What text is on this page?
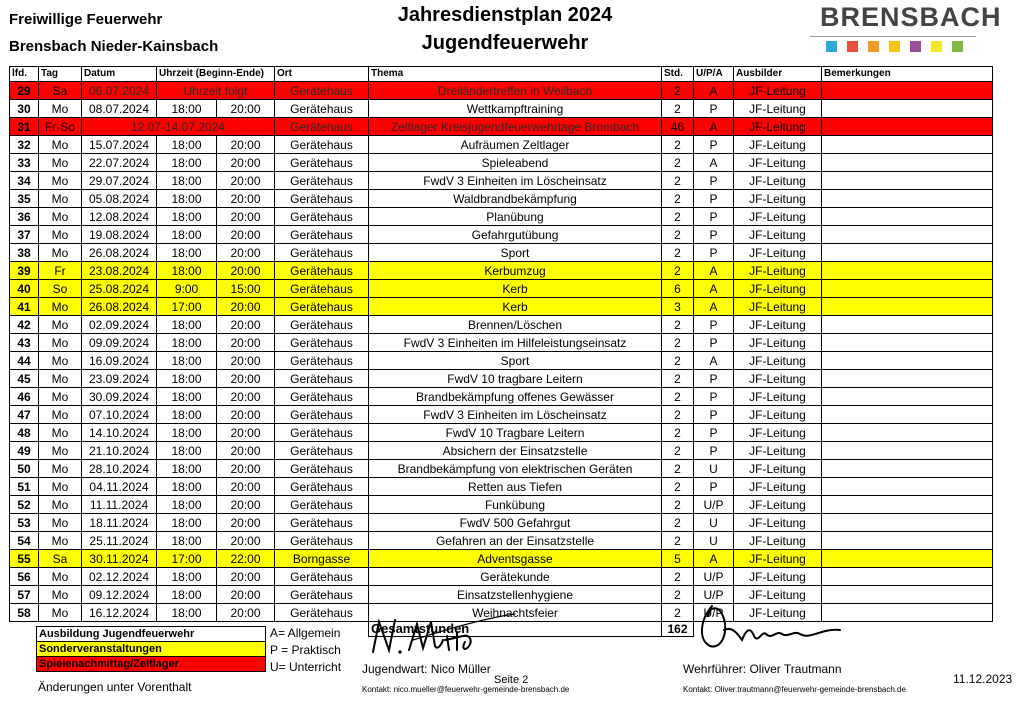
Freiwillige Feuerwehr
Brensbach Nieder-Kainsbach
Jahresdienstplan 2024
Jugendfeuerwehr
BRENSBACH
lfd.	Tag	Datum	Uhrzeit (Beginn-Ende)		Ort	Thema	Std.	U/P/A	Ausbilder	Bemerkungen
29	Sa	06.07.2024	Uhrzeit folgt		Gerätehaus	Dreiländertreffen in Weilbach	2	A	JF-Leitung	
30	Mo	08.07.2024	18:00	20:00	Gerätehaus	Wettkampftraining	2	P	JF-Leitung	
31	Fr-So	12.07-14.07.2024			Gerätehaus	Zeltlager Kreisjugendfeuerwehrtage Brombach	46	A	JF-Leitung	
32	Mo	15.07.2024	18:00	20:00	Gerätehaus	Aufräumen Zeltlager	2	P	JF-Leitung	
33	Mo	22.07.2024	18:00	20:00	Gerätehaus	Spieleabend	2	A	JF-Leitung	
34	Mo	29.07.2024	18:00	20:00	Gerätehaus	FwdV 3 Einheiten im Löscheinsatz	2	P	JF-Leitung	
35	Mo	05.08.2024	18:00	20:00	Gerätehaus	Waldbrandbekämpfung	2	P	JF-Leitung	
36	Mo	12.08.2024	18:00	20:00	Gerätehaus	Planübung	2	P	JF-Leitung	
37	Mo	19.08.2024	18:00	20:00	Gerätehaus	Gefahrgutübung	2	P	JF-Leitung	
38	Mo	26.08.2024	18:00	20:00	Gerätehaus	Sport	2	P	JF-Leitung	
39	Fr	23.08.2024	18:00	20:00	Gerätehaus	Kerbumzug	2	A	JF-Leitung	
40	So	25.08.2024	9:00	15:00	Gerätehaus	Kerb	6	A	JF-Leitung	
41	Mo	26.08.2024	17:00	20:00	Gerätehaus	Kerb	3	A	JF-Leitung	
42	Mo	02.09.2024	18:00	20:00	Gerätehaus	Brennen/Löschen	2	P	JF-Leitung	
43	Mo	09.09.2024	18:00	20:00	Gerätehaus	FwdV 3 Einheiten im Hilfeleistungseinsatz	2	P	JF-Leitung	
44	Mo	16.09.2024	18:00	20:00	Gerätehaus	Sport	2	A	JF-Leitung	
45	Mo	23.09.2024	18:00	20:00	Gerätehaus	FwdV 10 tragbare Leitern	2	P	JF-Leitung	
46	Mo	30.09.2024	18:00	20:00	Gerätehaus	Brandbekämpfung offenes Gewässer	2	P	JF-Leitung	
47	Mo	07.10.2024	18:00	20:00	Gerätehaus	FwdV 3 Einheiten im Löscheinsatz	2	P	JF-Leitung	
48	Mo	14.10.2024	18:00	20:00	Gerätehaus	FwdV 10 Tragbare Leitern	2	P	JF-Leitung	
49	Mo	21.10.2024	18:00	20:00	Gerätehaus	Absichern der Einsatzstelle	2	P	JF-Leitung	
50	Mo	28.10.2024	18:00	20:00	Gerätehaus	Brandbekämpfung von elektrischen Geräten	2	U	JF-Leitung	
51	Mo	04.11.2024	18:00	20:00	Gerätehaus	Retten aus Tiefen	2	P	JF-Leitung	
52	Mo	11.11.2024	18:00	20:00	Gerätehaus	Funkübung	2	U/P	JF-Leitung	
53	Mo	18.11.2024	18:00	20:00	Gerätehaus	FwdV 500 Gefahrgut	2	U	JF-Leitung	
54	Mo	25.11.2024	18:00	20:00	Gerätehaus	Gefahren an der Einsatzstelle	2	U	JF-Leitung	
55	Sa	30.11.2024	17:00	22:00	Borngasse	Adventsgasse	5	A	JF-Leitung	
56	Mo	02.12.2024	18:00	20:00	Gerätehaus	Gerätekunde	2	U/P	JF-Leitung	
57	Mo	09.12.2024	18:00	20:00	Gerätehaus	Einsatzstellenhygiene	2	U/P	JF-Leitung	
58	Mo	16.12.2024	18:00	20:00	Gerätehaus	Weihnachtsfeier	2	U/P	JF-Leitung	
						Gesamtstunden	162			
Ausbildung Jugendfeuerwehr
Sonderveranstaltungen
Spielenachmittag/Zeltlager
A= Allgemein
P = Praktisch
U= Unterricht
Änderungen unter Vorenthalt
Jugendwart: Nico Müller
Seite 2
Kontakt: nico.mueller@feuerwehr-gemeinde-brensbach.de
Wehrführer: Oliver Trautmann
Kontakt: Oliver.trautmann@feuerwehr-gemeinde-brensbach.de
11.12.2023
